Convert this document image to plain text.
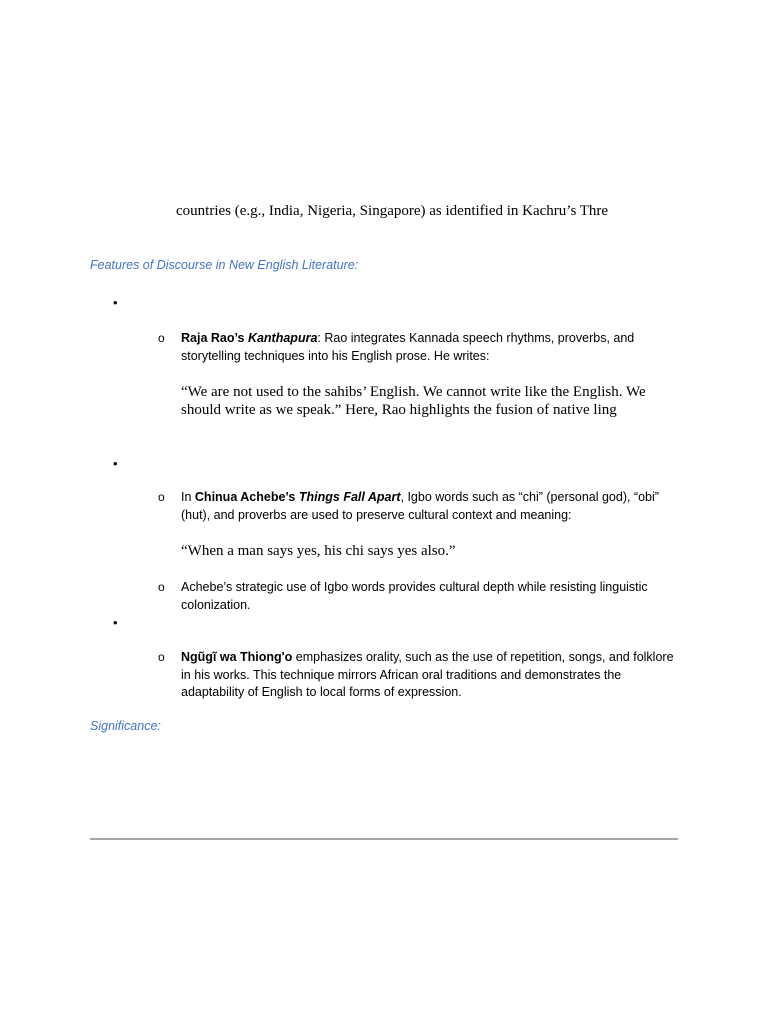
countries (e.g., India, Nigeria, Singapore) as identified in Kachru’s Thre
Features of Discourse in New English Literature:
•
o Raja Rao’s Kanthapura: Rao integrates Kannada speech rhythms, proverbs, and
storytelling techniques into his English prose. He writes:
“We are not used to the sahibs’ English. We cannot write like the English. We
should write as we speak.” Here, Rao highlights the fusion of native ling
•
o In Chinua Achebe’s Things Fall Apart, Igbo words such as “chi” (personal god), “obi”
(hut), and proverbs are used to preserve cultural context and meaning:
“When a man says yes, his chi says yes also.”
o Achebe’s strategic use of Igbo words provides cultural depth while resisting linguistic
colonization.
•
o Ngũgĩ wa Thiong'o emphasizes orality, such as the use of repetition, songs, and folklore
in his works. This technique mirrors African oral traditions and demonstrates the
adaptability of English to local forms of expression.
Significance:
